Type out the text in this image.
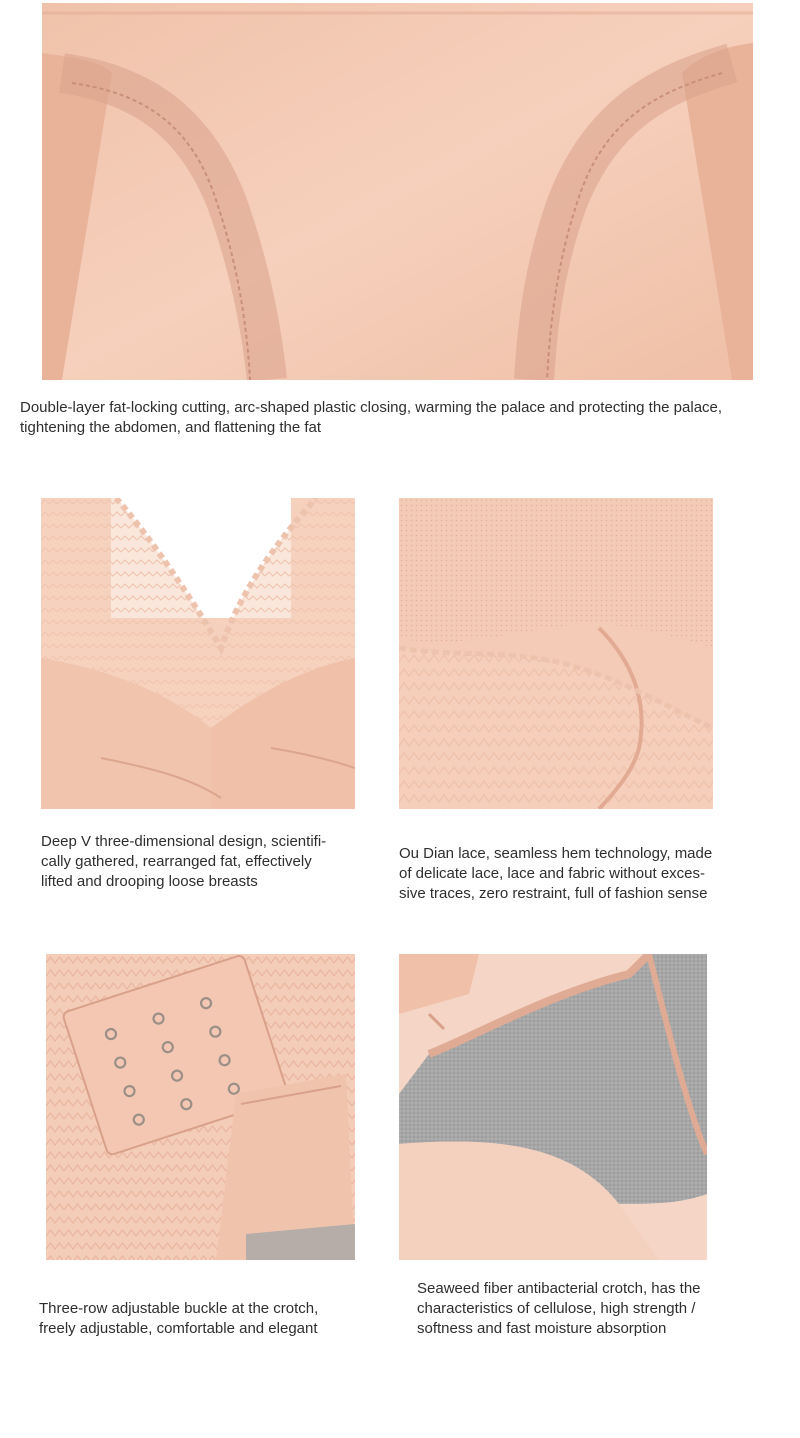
Double-layer fat-locking cutting, arc-shaped plastic closing, warming the palace and protecting the palace,
tightening the abdomen, and flattening the fat

Deep V three-dimensional design, scientifi-
cally gathered, rearranged fat, effectively
lifted and drooping loose breasts

Ou Dian lace, seamless hem technology, made
of delicate lace, lace and fabric without exces-
sive traces, zero restraint, full of fashion sense

Three-row adjustable buckle at the crotch,
freely adjustable, comfortable and elegant

Seaweed fiber antibacterial crotch, has the
characteristics of cellulose, high strength /
softness and fast moisture absorption
